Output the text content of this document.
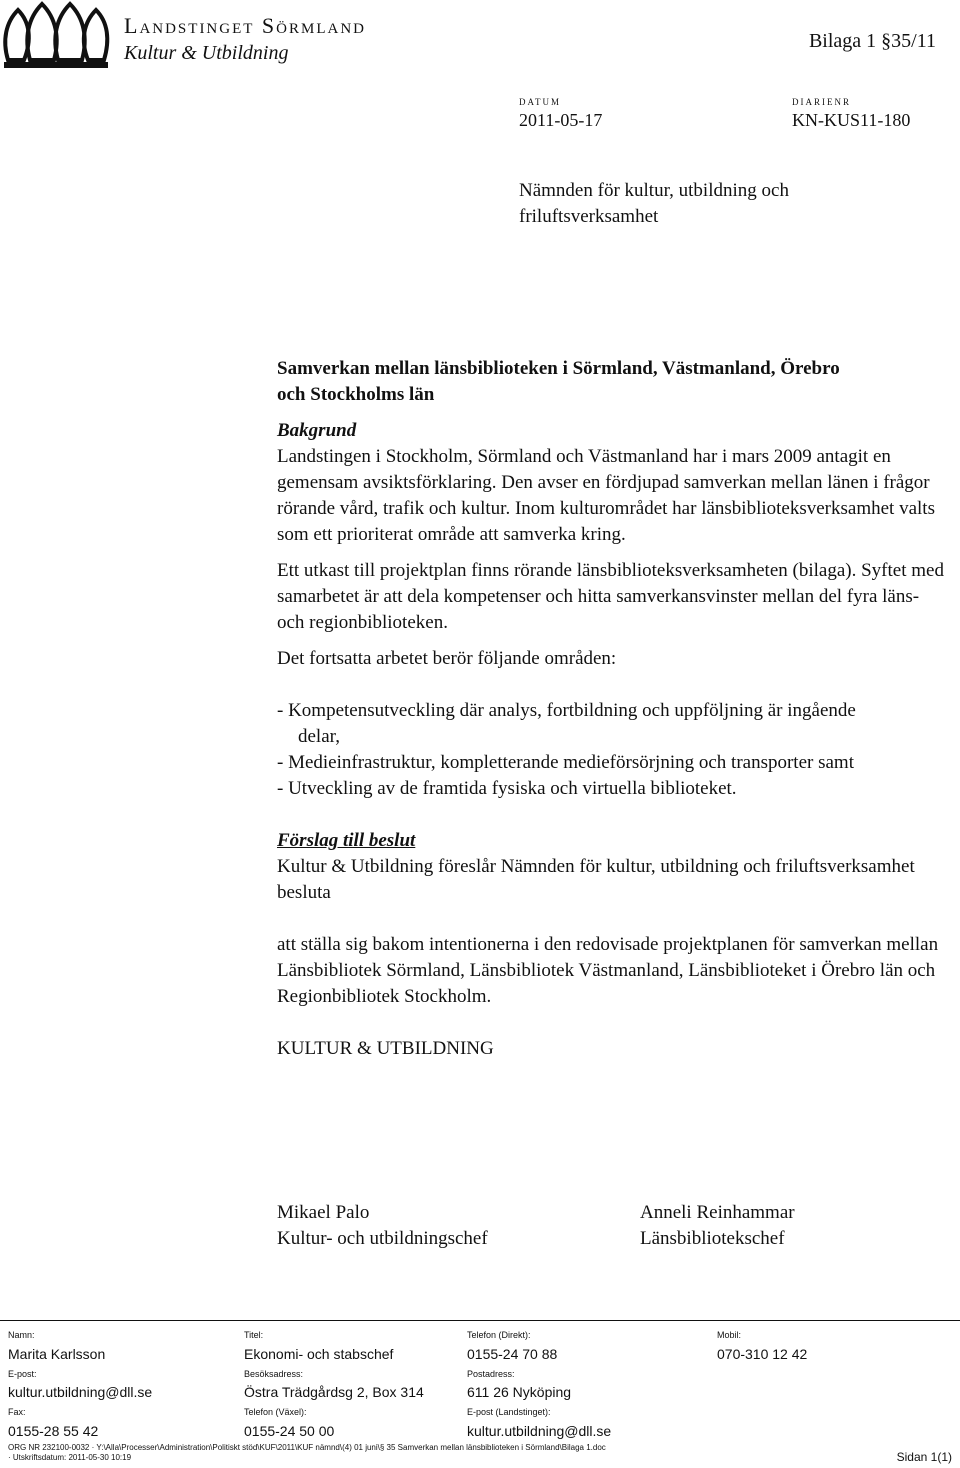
Landstinget Sörmland
Kultur & Utbildning
Bilaga 1 §35/11
DATUM
2011-05-17
DIARIENR
KN-KUS11-180
Nämnden för kultur, utbildning och
friluftsverksamhet

Samverkan mellan länsbiblioteken i Sörmland, Västmanland, Örebro

och Stockholms län

Bakgrund

Landstingen i Stockholm, Sörmland och Västmanland har i mars 2009 antagit en gemensam avsiktsförklaring. Den avser en fördjupad samverkan mellan länen i frågor rörande vård, trafik och kultur. Inom kulturområdet har länsbiblioteksverksamhet valts som ett prioriterat område att samverka kring.

Ett utkast till projektplan finns rörande länsbiblioteksverksamheten (bilaga). Syftet med samarbetet är att dela kompetenser och hitta samverkansvinster mellan del fyra läns- och regionbiblioteken.

Det fortsatta arbetet berör följande områden:

- Kompetensutveckling där analys, fortbildning och uppföljning är ingående

delar,

- Medieinfrastruktur, kompletterande medieförsörjning och transporter samt

- Utveckling av de framtida fysiska och virtuella biblioteket.

Förslag till beslut

Kultur & Utbildning föreslår Nämnden för kultur, utbildning och friluftsverksamhet besluta

att ställa sig bakom intentionerna i den redovisade projektplanen för samverkan mellan Länsbibliotek Sörmland, Länsbibliotek Västmanland, Länsbiblioteket i Örebro län och Regionbibliotek Stockholm.

KULTUR & UTBILDNING

Mikael Palo
Kultur- och utbildningschef
Anneli Reinhammar
Länsbibliotekschef
Namn:
Marita Karlsson
Titel:
Ekonomi- och stabschef
Telefon (Direkt):
0155-24 70 88
Mobil:
070-310 12 42
E-post:
kultur.utbildning@dll.se
Besöksadress:
Östra Trädgårdsg 2, Box 314
Postadress:
611 26 Nyköping
Fax:
0155-28 55 42
Telefon (Växel):
0155-24 50 00
E-post (Landstinget):
kultur.utbildning@dll.se
ORG NR 232100-0032 · Y:\Alla\Processer\Administration\Politiskt stöd\KUF\2011\KUF nämnd\(4) 01 juni\§ 35 Samverkan mellan länsbiblioteken i Sörmland\Bilaga 1.doc
· Utskriftsdatum: 2011-05-30 10:19	Sidan 1(1)
